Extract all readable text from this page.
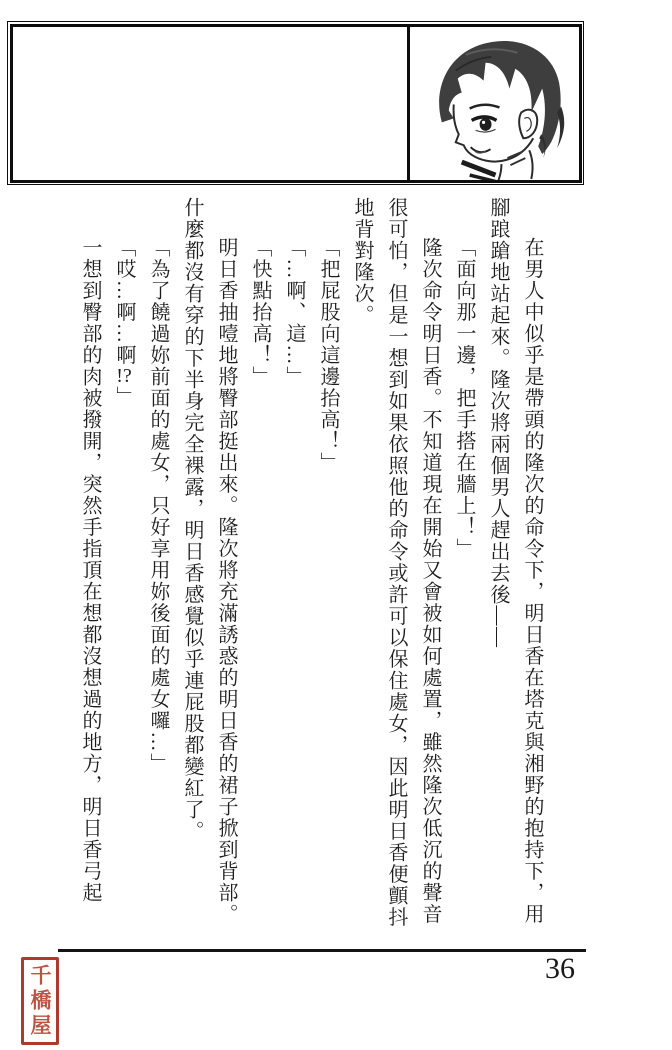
在男人中似乎是帶頭的隆次的命令下，明日香在塔克與湘野的抱持下，用腳踉蹌地站起來。隆次將兩個男人趕出去後——

「面向那一邊，把手搭在牆上！」

隆次命令明日香。不知道現在開始又會被如何處置，雖然隆次低沉的聲音很可怕，但是一想到如果依照他的命令或許可以保住處女，因此明日香便顫抖地背對隆次。

「把屁股向這邊抬高！」

「…啊、這…」

「快點抬高！」

明日香抽噎地將臀部挺出來。隆次將充滿誘惑的明日香的裙子掀到背部。什麼都沒有穿的下半身完全裸露，明日香感覺似乎連屁股都變紅了。

「為了饒過妳前面的處女，只好享用妳後面的處女囉…」

「哎…啊…啊!?」

一想到臀部的肉被撥開，突然手指頂在想都沒想過的地方，明日香弓起

36
千橋屋
